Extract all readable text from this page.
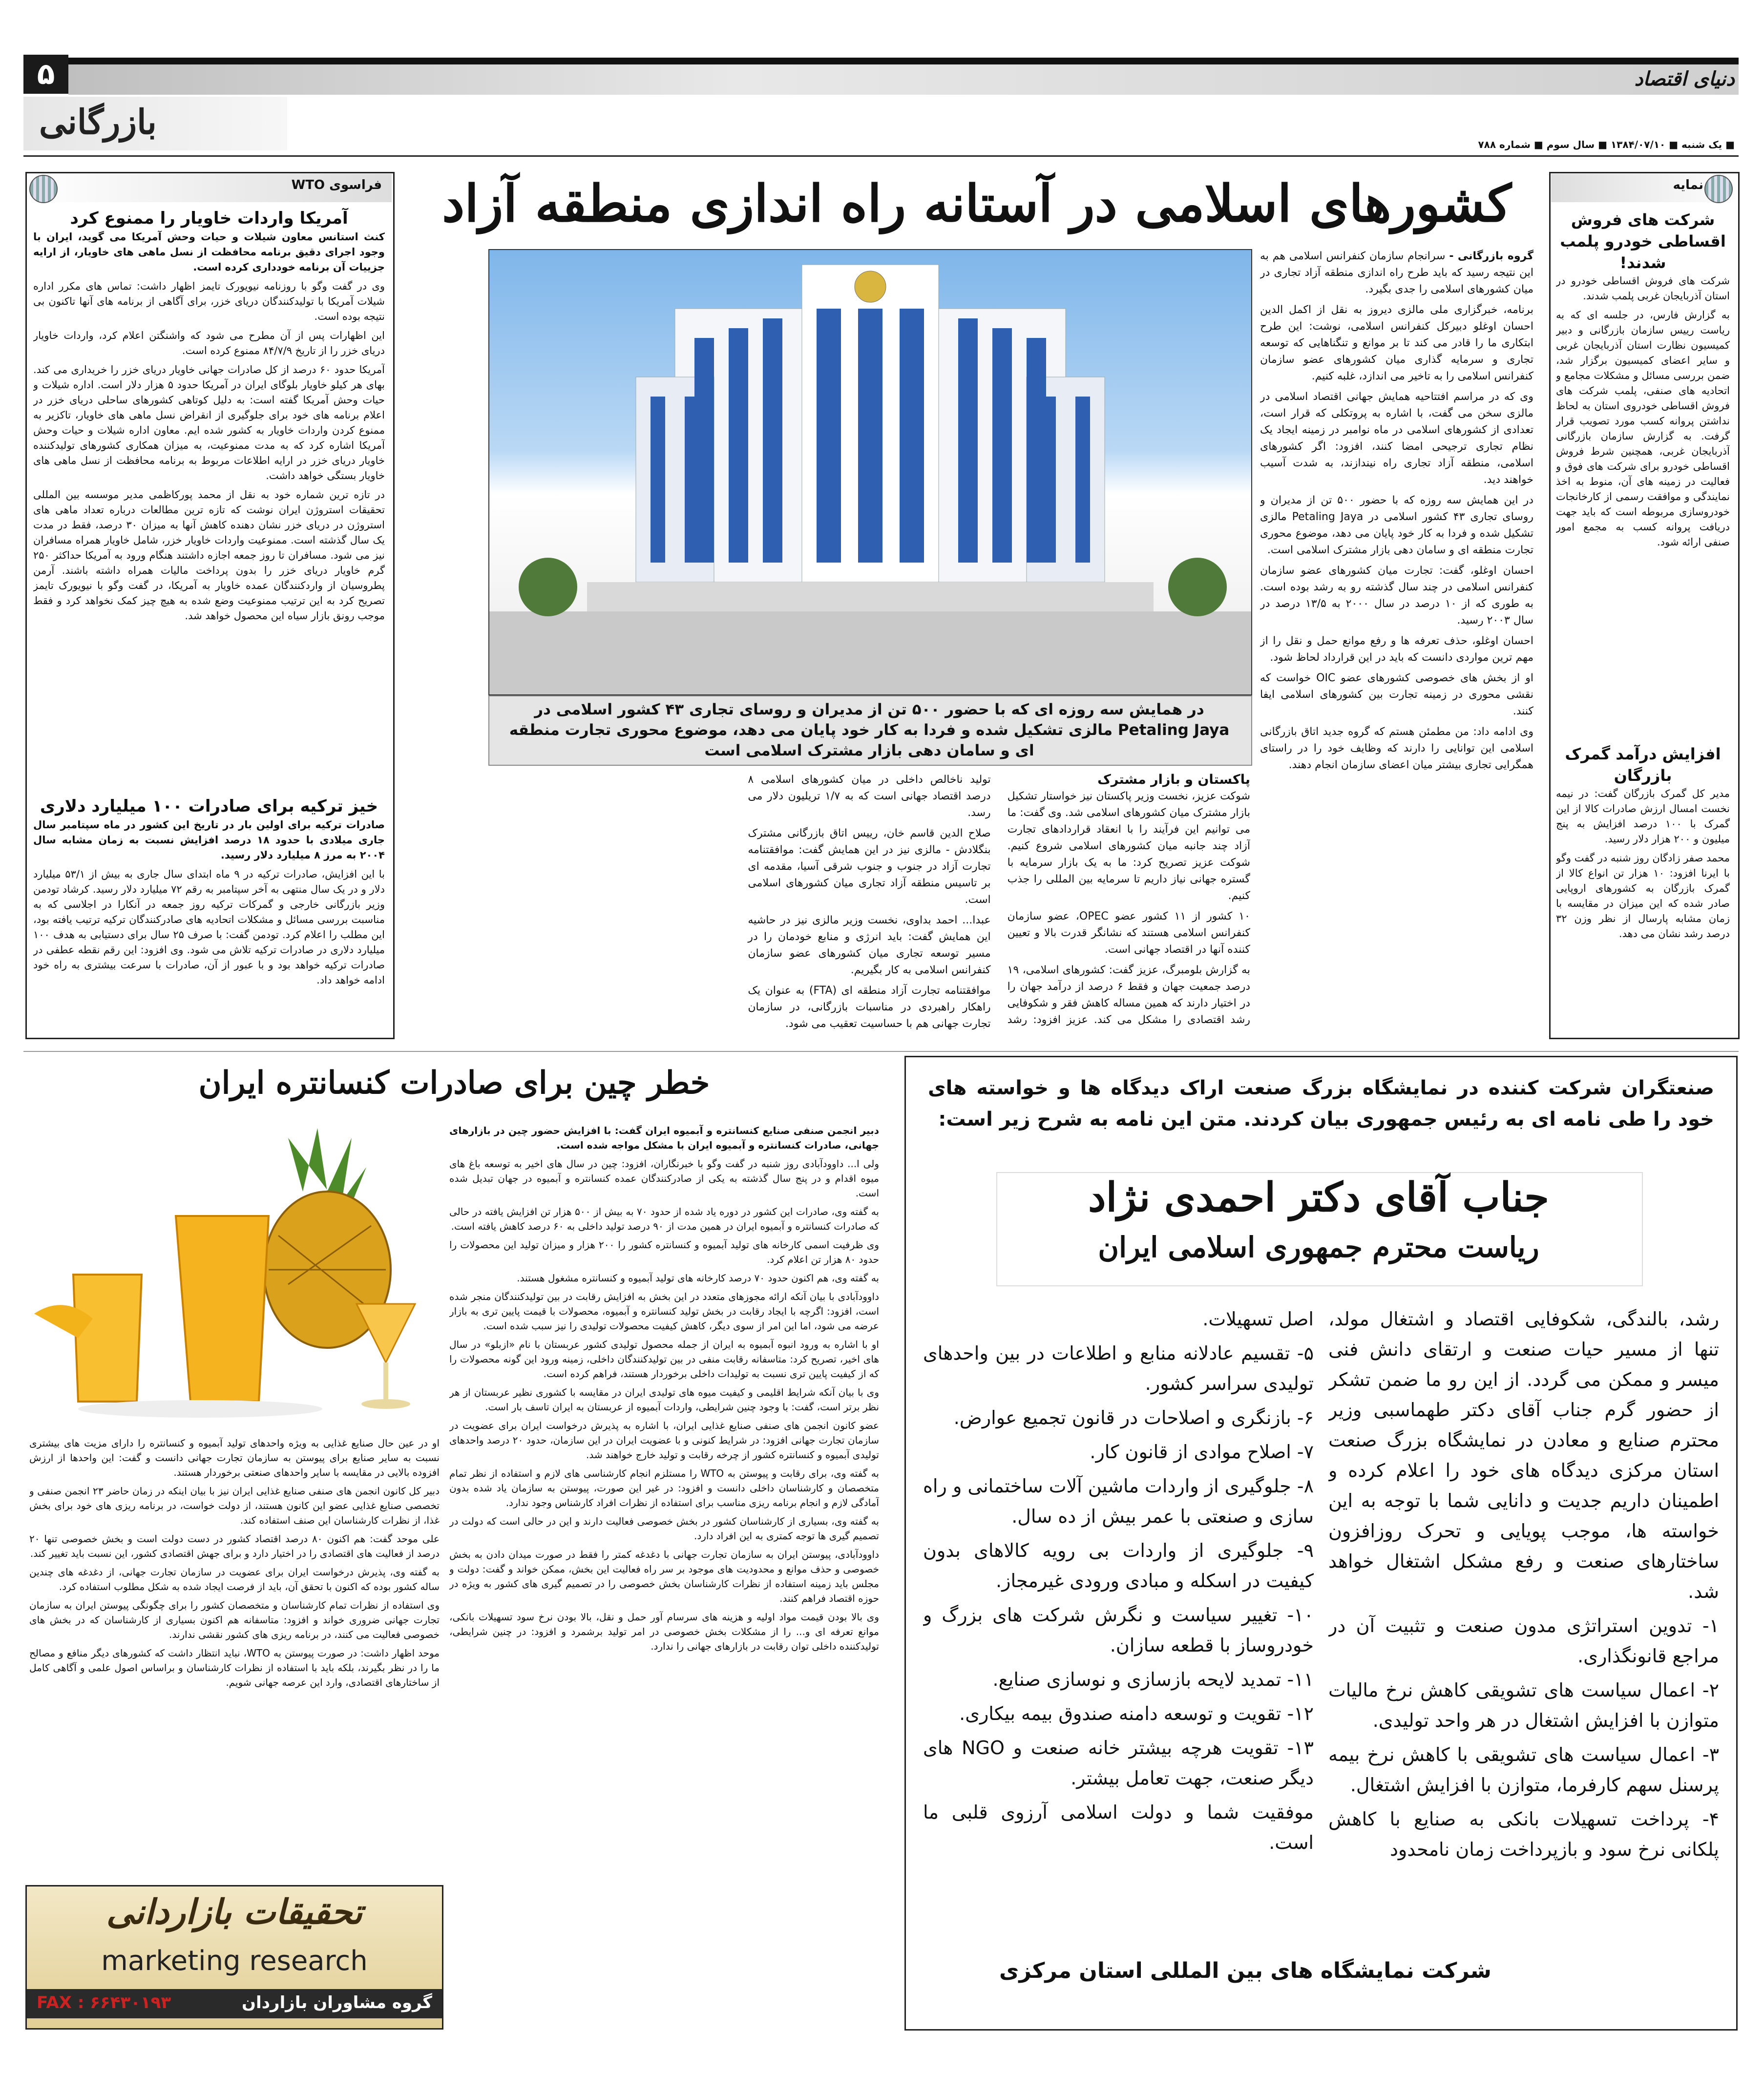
۵	دنیای اقتصاد
بازرگانی
■ یک شنبه ■ ۱۳۸۴/۰۷/۱۰ ■ سال سوم ■ شماره ۷۸۸
فراسوی WTO
آمریکا واردات خاویار را ممنوع کرد

کنث استانس معاون شیلات و حیات وحش آمریکا می گوید، ایران با وجود اجرای دقیق برنامه محافظت از نسل ماهی های خاویار، از ارایه جزییات آن برنامه خودداری کرده است.

وی در گفت وگو با روزنامه نیویورک تایمز اظهار داشت: تماس های مکرر اداره شیلات آمریکا با تولیدکنندگان دریای خزر، برای آگاهی از برنامه های آنها تاکنون بی نتیجه بوده است.

این اظهارات پس از آن مطرح می شود که واشنگتن اعلام کرد، واردات خاویار دریای خزر را از تاریخ ۸۴/۷/۹ ممنوع کرده است.

آمریکا حدود ۶۰ درصد از کل صادرات جهانی خاویار دریای خزر را خریداری می کند. بهای هر کیلو خاویار بلوگای ایران در آمریکا حدود ۵ هزار دلار است. اداره شیلات و حیات وحش آمریکا گفته است: به دلیل کوتاهی کشورهای ساحلی دریای خزر در اعلام برنامه های خود برای جلوگیری از انقراض نسل ماهی های خاویار، تاکزیر به ممنوع کردن واردات خاویار به کشور شده ایم. معاون اداره شیلات و حیات وحش آمریکا اشاره کرد که به مدت ممنوعیت، به میزان همکاری کشورهای تولیدکننده خاویار دریای خزر در ارایه اطلاعات مربوط به برنامه محافظت از نسل ماهی های خاویار بستگی خواهد داشت.

در تازه ترین شماره خود به نقل از محمد پورکاظمی مدیر موسسه بین المللی تحقیقات استروژن ایران نوشت که تازه ترین مطالعات درباره تعداد ماهی های استروژن در دریای خزر نشان دهنده کاهش آنها به میزان ۳۰ درصد، فقط در مدت یک سال گذشته است. ممنوعیت واردات خاویار خزر، شامل خاویار همراه مسافران نیز می شود. مسافران تا روز جمعه اجازه داشتند هنگام ورود به آمریکا حداکثر ۲۵۰ گرم خاویار دریای خزر را بدون پرداخت مالیات همراه داشته باشند. آرمن پطروسیان از واردکنندگان عمده خاویار به آمریکا، در گفت وگو با نیویورک تایمز تصریح کرد به این ترتیب ممنوعیت وضع شده به هیچ چیز کمک نخواهد کرد و فقط موجب رونق بازار سیاه این محصول خواهد شد.

خیز ترکیه برای صادرات ۱۰۰ میلیارد دلاری

صادرات ترکیه برای اولین بار در تاریخ این کشور در ماه سپتامبر سال جاری میلادی با حدود ۱۸ درصد افزایش نسبت به زمان مشابه سال ۲۰۰۴ به مرز ۸ میلیارد دلار رسید.

با این افزایش، صادرات ترکیه در ۹ ماه ابتدای سال جاری به بیش از ۵۳/۱ میلیارد دلار و در یک سال منتهی به آخر سپتامبر به رقم ۷۲ میلیارد دلار رسید. کرشاد تودمن وزیر بازرگانی خارجی و گمرکات ترکیه روز جمعه در آنکارا در اجلاسی که به مناسبت بررسی مسائل و مشکلات اتحادیه های صادرکنندگان ترکیه ترتیب یافته بود، این مطلب را اعلام کرد. تودمن گفت: با صرف ۲۵ سال برای دستیابی به هدف ۱۰۰ میلیارد دلاری در صادرات ترکیه تلاش می شود. وی افزود: این رقم نقطه عطفی در صادرات ترکیه خواهد بود و با عبور از آن، صادرات با سرعت بیشتری به راه خود ادامه خواهد داد.

نمایه
شرکت های فروش اقساطی خودرو پلمب شدند!

شرکت های فروش اقساطی خودرو در استان آذربایجان غربی پلمب شدند.

به گزارش فارس، در جلسه ای که به ریاست رییس سازمان بازرگانی و دبیر کمیسیون نظارت استان آذربایجان غربی و سایر اعضای کمیسیون برگزار شد، ضمن بررسی مسائل و مشکلات مجامع و اتحادیه های صنفی، پلمب شرکت های فروش اقساطی خودروی استان به لحاظ نداشتن پروانه کسب مورد تصویب قرار گرفت. به گزارش سازمان بازرگانی آذربایجان غربی، همچنین شرط فروش اقساطی خودرو برای شرکت های فوق و فعالیت در زمینه های آن، منوط به اخذ نمایندگی و موافقت رسمی از کارخانجات خودروسازی مربوطه است که باید جهت دریافت پروانه کسب به مجمع امور صنفی ارائه شود.

افزایش درآمد گمرک بازرگان

مدیر کل گمرک بازرگان گفت: در نیمه نخست امسال ارزش صادرات کالا از این گمرک با ۱۰۰ درصد افزایش به پنج میلیون و ۲۰۰ هزار دلار رسید.

محمد صفر زادگان روز شنبه در گفت وگو با ایرنا افزود: ۱۰ هزار تن انواع کالا از گمرک بازرگان به کشورهای اروپایی صادر شده که این میزان در مقایسه با زمان مشابه پارسال از نظر وزن ۳۲ درصد رشد نشان می دهد.

کشورهای اسلامی در آستانه راه اندازی منطقه آزاد
در همایش سه روزه ای که با حضور ۵۰۰ تن از مدیران و روسای تجاری ۴۳ کشور اسلامی در Petaling Jaya مالزی تشکیل شده و فردا به کار خود پایان می دهد، موضوع محوری تجارت منطقه ای و سامان دهی بازار مشترک اسلامی است

گروه بازرگانی - سرانجام سازمان کنفرانس اسلامی هم به این نتیجه رسید که باید طرح راه اندازی منطقه آزاد تجاری در میان کشورهای اسلامی را جدی بگیرد.

برنامه، خبرگزاری ملی مالزی دیروز به نقل از اکمل الدین احسان اوغلو دبیرکل کنفرانس اسلامی، نوشت: این طرح ابتکاری ما را قادر می کند تا بر موانع و تنگناهایی که توسعه تجاری و سرمایه گذاری میان کشورهای عضو سازمان کنفرانس اسلامی را به تاخیر می اندازد، غلبه کنیم.

وی که در مراسم افتتاحیه همایش جهانی اقتصاد اسلامی در مالزی سخن می گفت، با اشاره به پروتکلی که قرار است، تعدادی از کشورهای اسلامی در ماه نوامبر در زمینه ایجاد یک نظام تجاری ترجیحی امضا کنند، افزود: اگر کشورهای اسلامی، منطقه آزاد تجاری راه نیندازند، به شدت آسیب خواهند دید.

در این همایش سه روزه که با حضور ۵۰۰ تن از مدیران و روسای تجاری ۴۳ کشور اسلامی در Petaling Jaya مالزی تشکیل شده و فردا به کار خود پایان می دهد، موضوع محوری تجارت منطقه ای و سامان دهی بازار مشترک اسلامی است.

احسان اوغلو، گفت: تجارت میان کشورهای عضو سازمان کنفرانس اسلامی در چند سال گذشته رو به رشد بوده است. به طوری که از ۱۰ درصد در سال ۲۰۰۰ به ۱۳/۵ درصد در سال ۲۰۰۳ رسید.

احسان اوغلو، حذف تعرفه ها و رفع موانع حمل و نقل را از مهم ترین مواردی دانست که باید در این قرارداد لحاظ شود.

او از بخش های خصوصی کشورهای عضو OIC خواست که نقشی محوری در زمینه تجارت بین کشورهای اسلامی ایفا کنند.

وی ادامه داد: من مطمئن هستم که گروه جدید اتاق بازرگانی اسلامی این توانایی را دارند که وظایف خود را در راستای همگرایی تجاری بیشتر میان اعضای سازمان انجام دهند.

پاکستان و بازار مشترک

شوکت عزیز، نخست وزیر پاکستان نیز خواستار تشکیل بازار مشترک میان کشورهای اسلامی شد. وی گفت: ما می توانیم این فرآیند را با انعقاد قراردادهای تجارت آزاد چند جانبه میان کشورهای اسلامی شروع کنیم. شوکت عزیز تصریح کرد: ما به یک بازار سرمایه با گستره جهانی نیاز داریم تا سرمایه بین المللی را جذب کنیم.

۱۰ کشور از ۱۱ کشور عضو OPEC، عضو سازمان کنفرانس اسلامی هستند که نشانگر قدرت بالا و تعیین کننده آنها در اقتصاد جهانی است.

به گزارش بلومبرگ، عزیز گفت: کشورهای اسلامی، ۱۹ درصد جمعیت جهان و فقط ۶ درصد از درآمد جهان را در اختیار دارند که همین مساله کاهش فقر و شکوفایی رشد اقتصادی را مشکل می کند. عزیز افزود: رشد تولید ناخالص داخلی در میان کشورهای اسلامی ۸ درصد اقتصاد جهانی است که به ۱/۷ تریلیون دلار می رسد.

صلاح الدین قاسم خان، رییس اتاق بازرگانی مشترک بنگلادش - مالزی نیز در این همایش گفت: موافقتنامه تجارت آزاد در جنوب و جنوب شرقی آسیا، مقدمه ای بر تاسیس منطقه آزاد تجاری میان کشورهای اسلامی است.

عبدا... احمد بداوی، نخست وزیر مالزی نیز در حاشیه این همایش گفت: باید انرژی و منابع خودمان را در مسیر توسعه تجاری میان کشورهای عضو سازمان کنفرانس اسلامی به کار بگیریم.

موافقتنامه تجارت آزاد منطقه ای (FTA) به عنوان یک راهکار راهبردی در مناسبات بازرگانی، در سازمان تجارت جهانی هم با حساسیت تعقیب می شود.

خطر چین برای صادرات کنسانتره ایران

دبیر انجمن صنفی صنایع کنسانتره و آبمیوه ایران گفت: با افزایش حضور چین در بازارهای جهانی، صادرات کنسانتره و آبمیوه ایران با مشکل مواجه شده است.

ولی ا... داوودآبادی روز شنبه در گفت وگو با خبرنگاران، افزود: چین در سال های اخیر به توسعه باغ های میوه اقدام و در پنج سال گذشته به یکی از صادرکنندگان عمده کنسانتره و آبمیوه در جهان تبدیل شده است.

به گفته وی، صادرات این کشور در دوره یاد شده از حدود ۷۰ به بیش از ۵۰۰ هزار تن افزایش یافته در حالی که صادرات کنسانتره و آبمیوه ایران در همین مدت از ۹۰ درصد تولید داخلی به ۶۰ درصد کاهش یافته است.

وی ظرفیت اسمی کارخانه های تولید آبمیوه و کنسانتره کشور را ۲۰۰ هزار و میزان تولید این محصولات را حدود ۸۰ هزار تن اعلام کرد.

به گفته وی، هم اکنون حدود ۷۰ درصد کارخانه های تولید آبمیوه و کنسانتره مشغول هستند.

داوودآبادی با بیان آنکه ارائه مجوزهای متعدد در این بخش به افزایش رقابت در بین تولیدکنندگان منجر شده است، افزود: اگرچه با ایجاد رقابت در بخش تولید کنسانتره و آبمیوه، محصولات با قیمت پایین تری به بازار عرضه می شود، اما این امر از سوی دیگر، کاهش کیفیت محصولات تولیدی را نیز سبب شده است.

او با اشاره به ورود انبوه آبمیوه به ایران از جمله محصول تولیدی کشور عربستان با نام «ازبلو» در سال های اخیر، تصریح کرد: متاسفانه رقابت منفی در بین تولیدکنندگان داخلی، زمینه ورود این گونه محصولات را که از کیفیت پایین تری نسبت به تولیدات داخلی برخوردار هستند، فراهم کرده است.

وی با بیان آنکه شرایط اقلیمی و کیفیت میوه های تولیدی ایران در مقایسه با کشوری نظیر عربستان از هر نظر برتر است، گفت: با وجود چنین شرایطی، واردات آبمیوه از عربستان به ایران تاسف بار است.

عضو کانون انجمن های صنفی صنایع غذایی ایران، با اشاره به پذیرش درخواست ایران برای عضویت در سازمان تجارت جهانی افزود: در شرایط کنونی و با عضویت ایران در این سازمان، حدود ۲۰ درصد واحدهای تولیدی آبمیوه و کنسانتره کشور از چرخه رقابت و تولید خارج خواهند شد.

به گفته وی، برای رقابت و پیوستن به WTO را مستلزم انجام کارشناسی های لازم و استفاده از نظر تمام متخصصان و کارشناسان داخلی دانست و افزود: در غیر این صورت، پیوستن به سازمان یاد شده بدون آمادگی لازم و انجام برنامه ریزی مناسب برای استفاده از نظرات افراد کارشناس وجود ندارد.

به گفته وی، بسیاری از کارشناسان کشور در بخش خصوصی فعالیت دارند و این در حالی است که دولت در تصمیم گیری ها توجه کمتری به این افراد دارد.

داوودآبادی، پیوستن ایران به سازمان تجارت جهانی با دغدغه کمتر را فقط در صورت میدان دادن به بخش خصوصی و حذف موانع و محدودیت های موجود بر سر راه فعالیت این بخش، ممکن خواند و گفت: دولت و مجلس باید زمینه استفاده از نظرات کارشناسان بخش خصوصی را در تصمیم گیری های کشور به ویژه در حوزه اقتصاد فراهم کنند.

وی بالا بودن قیمت مواد اولیه و هزینه های سرسام آور حمل و نقل، بالا بودن نرخ سود تسهیلات بانکی، موانع تعرفه ای و... را از مشکلات بخش خصوصی در امر تولید برشمرد و افزود: در چنین شرایطی، تولیدکننده داخلی توان رقابت در بازارهای جهانی را ندارد.

او در عین حال صنایع غذایی به ویژه واحدهای تولید آبمیوه و کنسانتره را دارای مزیت های بیشتری نسبت به سایر صنایع برای پیوستن به سازمان تجارت جهانی دانست و گفت: این واحدها از ارزش افزوده بالایی در مقایسه با سایر واحدهای صنعتی برخوردار هستند.

دبیر کل کانون انجمن های صنفی صنایع غذایی ایران نیز با بیان اینکه در زمان حاضر ۲۳ انجمن صنفی و تخصصی صنایع غذایی عضو این کانون هستند، از دولت خواست، در برنامه ریزی های خود برای بخش غذا، از نظرات کارشناسان این صنف استفاده کند.

علی موحد گفت: هم اکنون ۸۰ درصد اقتصاد کشور در دست دولت است و بخش خصوصی تنها ۲۰ درصد از فعالیت های اقتصادی را در اختیار دارد و برای جهش اقتصادی کشور، این نسبت باید تغییر کند.

به گفته وی، پذیرش درخواست ایران برای عضویت در سازمان تجارت جهانی، از دغدغه های چندین ساله کشور بوده که اکنون با تحقق آن، باید از فرصت ایجاد شده به شکل مطلوب استفاده کرد.

وی استفاده از نظرات تمام کارشناسان و متخصصان کشور را برای چگونگی پیوستن ایران به سازمان تجارت جهانی ضروری خواند و افزود: متاسفانه هم اکنون بسیاری از کارشناسان که در بخش های خصوصی فعالیت می کنند، در برنامه ریزی های کشور نقشی ندارند.

موحد اظهار داشت: در صورت پیوستن به WTO، نباید انتظار داشت که کشورهای دیگر منافع و مصالح ما را در نظر بگیرند، بلکه باید با استفاده از نظرات کارشناسان و براساس اصول علمی و آگاهی کامل از ساختارهای اقتصادی، وارد این عرصه جهانی شویم.

تحقیقات بازاردانی
marketing research
FAX : ۶۶۴۳۰۱۹۳	گروه مشاوران بازاردان
صنعتگران شرکت کننده در نمایشگاه بزرگ صنعت اراک دیدگاه ها و خواسته های خود را طی نامه ای به رئیس جمهوری بیان کردند. متن این نامه به شرح زیر است:
جناب آقای دکتر احمدی نژاد
ریاست محترم جمهوری اسلامی ایران

رشد، بالندگی، شکوفایی اقتصاد و اشتغال مولد، تنها از مسیر حیات صنعت و ارتقای دانش فنی میسر و ممکن می گردد. از این رو ما ضمن تشکر از حضور گرم جناب آقای دکتر طهماسبی وزیر محترم صنایع و معادن در نمایشگاه بزرگ صنعت استان مرکزی دیدگاه های خود را اعلام کرده و اطمینان داریم جدیت و دانایی شما با توجه به این خواسته ها، موجب پویایی و تحرک روزافزون ساختارهای صنعت و رفع مشکل اشتغال خواهد شد.

۱- تدوین استراتژی مدون صنعت و تثبیت آن در مراجع قانونگذاری.

۲- اعمال سیاست های تشویقی کاهش نرخ مالیات متوازن با افزایش اشتغال در هر واحد تولیدی.

۳- اعمال سیاست های تشویقی با کاهش نرخ بیمه پرسنل سهم کارفرما، متوازن با افزایش اشتغال.

۴- پرداخت تسهیلات بانکی به صنایع با کاهش پلکانی نرخ سود و بازپرداخت زمان نامحدود

اصل تسهیلات.

۵- تقسیم عادلانه منابع و اطلاعات در بین واحدهای تولیدی سراسر کشور.

۶- بازنگری و اصلاحات در قانون تجمیع عوارض.

۷- اصلاح موادی از قانون کار.

۸- جلوگیری از واردات ماشین آلات ساختمانی و راه سازی و صنعتی با عمر بیش از ده سال.

۹- جلوگیری از واردات بی رویه کالاهای بدون کیفیت در اسکله و مبادی ورودی غیرمجاز.

۱۰- تغییر سیاست و نگرش شرکت های بزرگ و خودروساز با قطعه سازان.

۱۱- تمدید لایحه بازسازی و نوسازی صنایع.

۱۲- تقویت و توسعه دامنه صندوق بیمه بیکاری.

۱۳- تقویت هرچه بیشتر خانه صنعت و NGO های دیگر صنعت، جهت تعامل بیشتر.

موفقیت شما و دولت اسلامی آرزوی قلبی ما است.

شرکت نمایشگاه های بین المللی استان مرکزی
